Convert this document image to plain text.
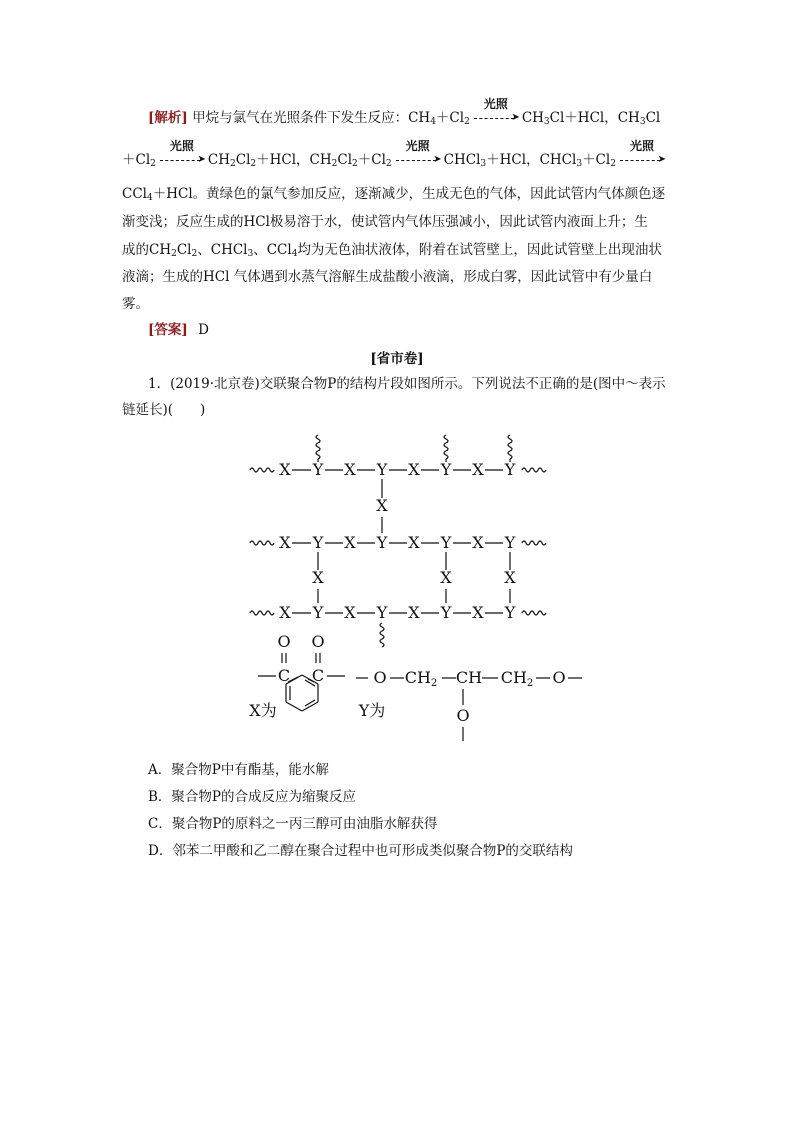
[解析] 甲烷与氯气在光照条件下发生反应：$CH_4+Cl_2$
光照
➤ $CH_3Cl+HCl$，$CH_3Cl$
$+Cl_2$
光照
➤ $CH_2Cl_2+HCl$，$CH_2Cl_2+Cl_2$
光照
➤ CHCl$_3$＋HCl，$CHCl_3+Cl_2$
光照
➤
CCl$_4$＋HCl。黄绿色的氯气参加反应，逐渐减少，生成无色的气体，因此试管内气体颜色逐
渐变浅；反应生成的HCl极易溶于水，使试管内气体压强减小，因此试管内液面上升；生
成的$CH_2Cl_2$、CHCl$_3$、CCl$_4$均为无色油状液体，附着在试管壁上，因此试管壁上出现油状
液滴；生成的HCl 气体遇到水蒸气溶解生成盐酸小液滴，形成白雾，因此试管中有少量白
雾。
[答案] D
[省市卷]
1．(2019·北京卷)交联聚合物P的结构片段如图所示。下列说法不正确的是(图中～表示
链延长)(　　)
X Y X Y X Y X Y
X Y X Y X Y X Y
X Y X Y X Y X Y
X
X	X	X
C C
O O
X为
O CH2 CH CH2 O
O
Y为
A．聚合物P中有酯基，能水解
B．聚合物P的合成反应为缩聚反应
C．聚合物P的原料之一丙三醇可由油脂水解获得
D．邻苯二甲酸和乙二醇在聚合过程中也可形成类似聚合物P的交联结构
